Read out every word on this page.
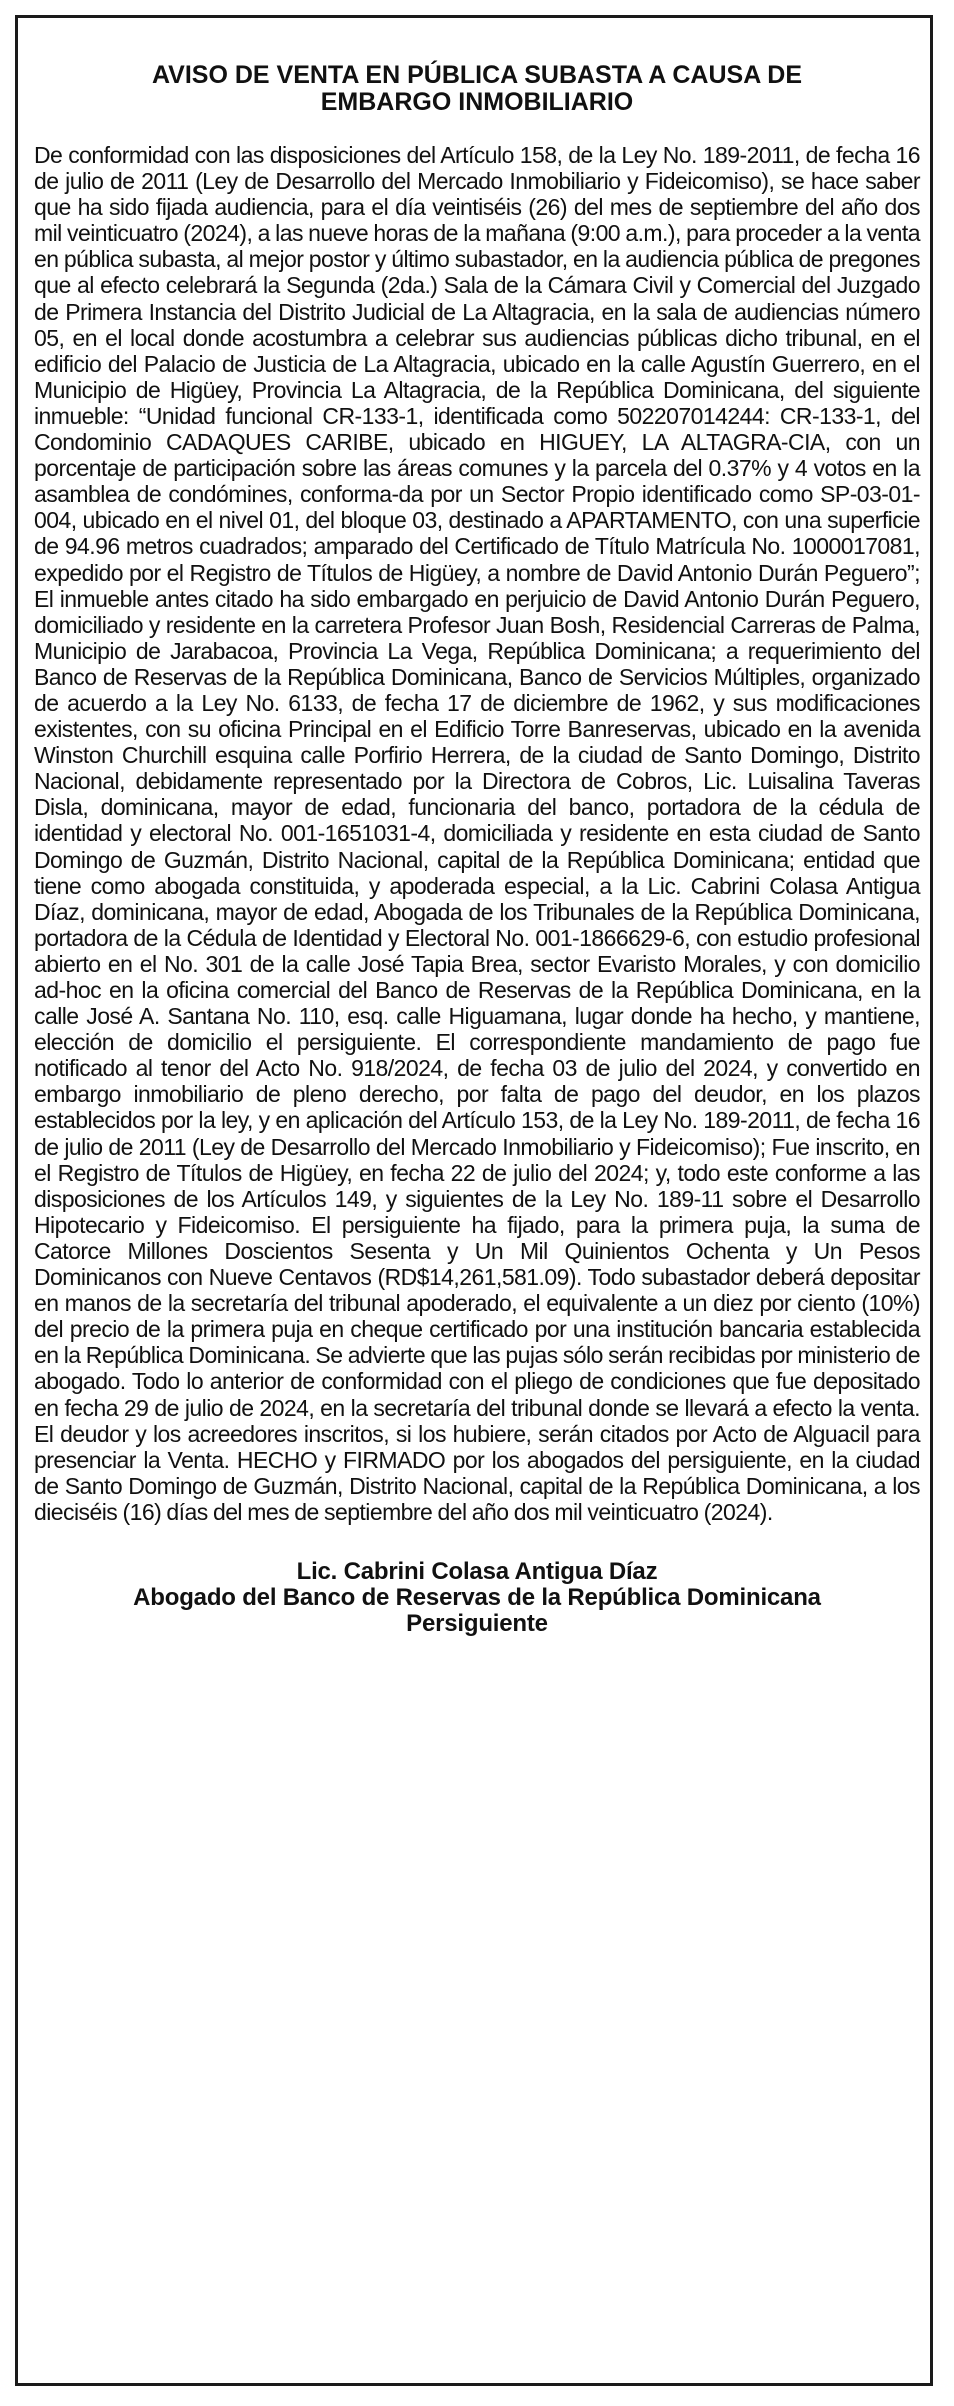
AVISO DE VENTA EN PÚBLICA SUBASTA A CAUSA DE
EMBARGO INMOBILIARIO

De conformidad con las disposiciones del Artículo 158, de la Ley No. 189-2011, de fecha 16 de julio de 2011 (Ley de Desarrollo del Mercado Inmobiliario y Fideicomiso), se hace saber que ha sido fijada audiencia, para el día veintiséis (26) del mes de septiembre del año dos mil veinticuatro (2024), a las nueve horas de la mañana (9:00 a.m.), para proceder a la venta en pública subasta, al mejor postor y último subastador, en la audiencia pública de pregones que al efecto celebrará la Segunda (2da.) Sala de la Cámara Civil y Comercial del Juzgado de Primera Instancia del Distrito Judicial de La Altagracia, en la sala de audiencias número 05, en el local donde acostumbra a celebrar sus audiencias públicas dicho tribunal, en el edificio del Palacio de Justicia de La Altagracia, ubicado en la calle Agustín Guerrero, en el Municipio de Higüey, Provincia La Altagracia, de la República Dominicana, del siguiente inmueble: “Unidad funcional CR-133-1, identificada como 502207014244: CR-133-1, del Condominio CADAQUES CARIBE, ubicado en HIGUEY, LA ALTAGRA-CIA, con un porcentaje de participación sobre las áreas comunes y la parcela del 0.37% y 4 votos en la asamblea de condómines, conforma-da por un Sector Propio identificado como SP-03-01-004, ubicado en el nivel 01, del bloque 03, destinado a APARTAMENTO, con una superficie de 94.96 metros cuadrados; amparado del Certificado de Título Matrícula No. 1000017081, expedido por el Registro de Títulos de Higüey, a nombre de David Antonio Durán Peguero”; El inmueble antes citado ha sido embargado en perjuicio de David Antonio Durán Peguero, domiciliado y residente en la carretera Profesor Juan Bosh, Residencial Carreras de Palma, Municipio de Jarabacoa, Provincia La Vega, República Dominicana; a requerimiento del Banco de Reservas de la República Dominicana, Banco de Servicios Múltiples, organizado de acuerdo a la Ley No. 6133, de fecha 17 de diciembre de 1962, y sus modificaciones existentes, con su oficina Principal en el Edificio Torre Banreservas, ubicado en la avenida Winston Churchill esquina calle Porfirio Herrera, de la ciudad de Santo Domingo, Distrito Nacional, debidamente representado por la Directora de Cobros, Lic. Luisalina Taveras Disla, dominicana, mayor de edad, funcionaria del banco, portadora de la cédula de identidad y electoral No. 001-1651031-4, domiciliada y residente en esta ciudad de Santo Domingo de Guzmán, Distrito Nacional, capital de la República Dominicana; entidad que tiene como abogada constituida, y apoderada especial, a la Lic. Cabrini Colasa Antigua Díaz, dominicana, mayor de edad, Abogada de los Tribunales de la República Dominicana, portadora de la Cédula de Identidad y Electoral No. 001-1866629-6, con estudio profesional abierto en el No. 301 de la calle José Tapia Brea, sector Evaristo Morales, y con domicilio ad-hoc en la oficina comercial del Banco de Reservas de la República Dominicana, en la calle José A. Santana No. 110, esq. calle Higuamana, lugar donde ha hecho, y mantiene, elección de domicilio el persiguiente. El correspondiente mandamiento de pago fue notificado al tenor del Acto No. 918/2024, de fecha 03 de julio del 2024, y convertido en embargo inmobiliario de pleno derecho, por falta de pago del deudor, en los plazos establecidos por la ley, y en aplicación del Artículo 153, de la Ley No. 189-2011, de fecha 16 de julio de 2011 (Ley de Desarrollo del Mercado Inmobiliario y Fideicomiso); Fue inscrito, en el Registro de Títulos de Higüey, en fecha 22 de julio del 2024; y, todo este conforme a las disposiciones de los Artículos 149, y siguientes de la Ley No. 189-11 sobre el Desarrollo Hipotecario y Fideicomiso. El persiguiente ha fijado, para la primera puja, la suma de Catorce Millones Doscientos Sesenta y Un Mil Quinientos Ochenta y Un Pesos Dominicanos con Nueve Centavos (RD$14,261,581.09). Todo subastador deberá depositar en manos de la secretaría del tribunal apoderado, el equivalente a un diez por ciento (10%) del precio de la primera puja en cheque certificado por una institución bancaria establecida en la República Dominicana. Se advierte que las pujas sólo serán recibidas por ministerio de abogado. Todo lo anterior de conformidad con el pliego de condiciones que fue depositado en fecha 29 de julio de 2024, en la secretaría del tribunal donde se llevará a efecto la venta. El deudor y los acreedores inscritos, si los hubiere, serán citados por Acto de Alguacil para presenciar la Venta. HECHO y FIRMADO por los abogados del persiguiente, en la ciudad de Santo Domingo de Guzmán, Distrito Nacional, capital de la República Dominicana, a los dieciséis (16) días del mes de septiembre del año dos mil veinticuatro (2024).

Lic. Cabrini Colasa Antigua Díaz
Abogado del Banco de Reservas de la República Dominicana
Persiguiente
